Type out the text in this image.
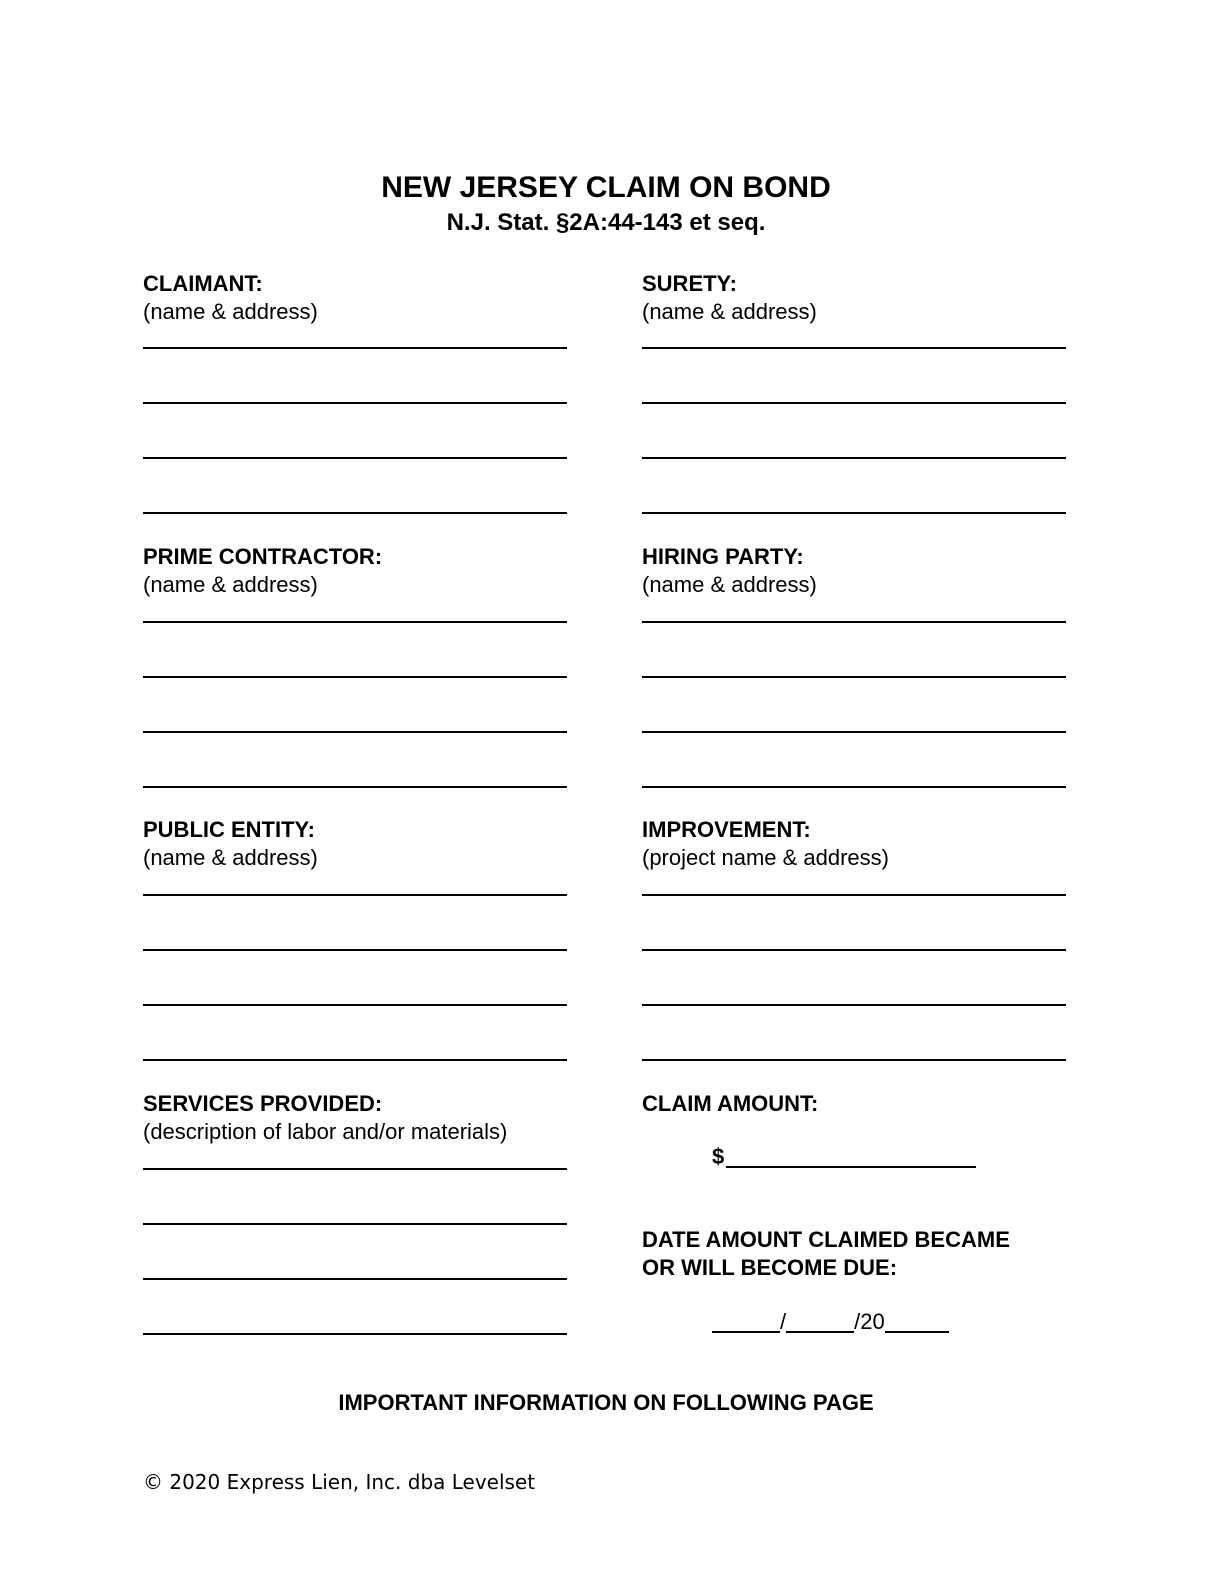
NEW JERSEY CLAIM ON BOND
N.J. Stat. §2A:44-143 et seq.
CLAIMANT:
(name & address)
SURETY:
(name & address)
PRIME CONTRACTOR:
(name & address)
HIRING PARTY:
(name & address)
PUBLIC ENTITY:
(name & address)
IMPROVEMENT:
(project name & address)
SERVICES PROVIDED:
(description of labor and/or materials)
CLAIM AMOUNT:
$
DATE AMOUNT CLAIMED BECAME
OR WILL BECOME DUE:
/	/20
IMPORTANT INFORMATION ON FOLLOWING PAGE
© 2020 Express Lien, Inc. dba Levelset
